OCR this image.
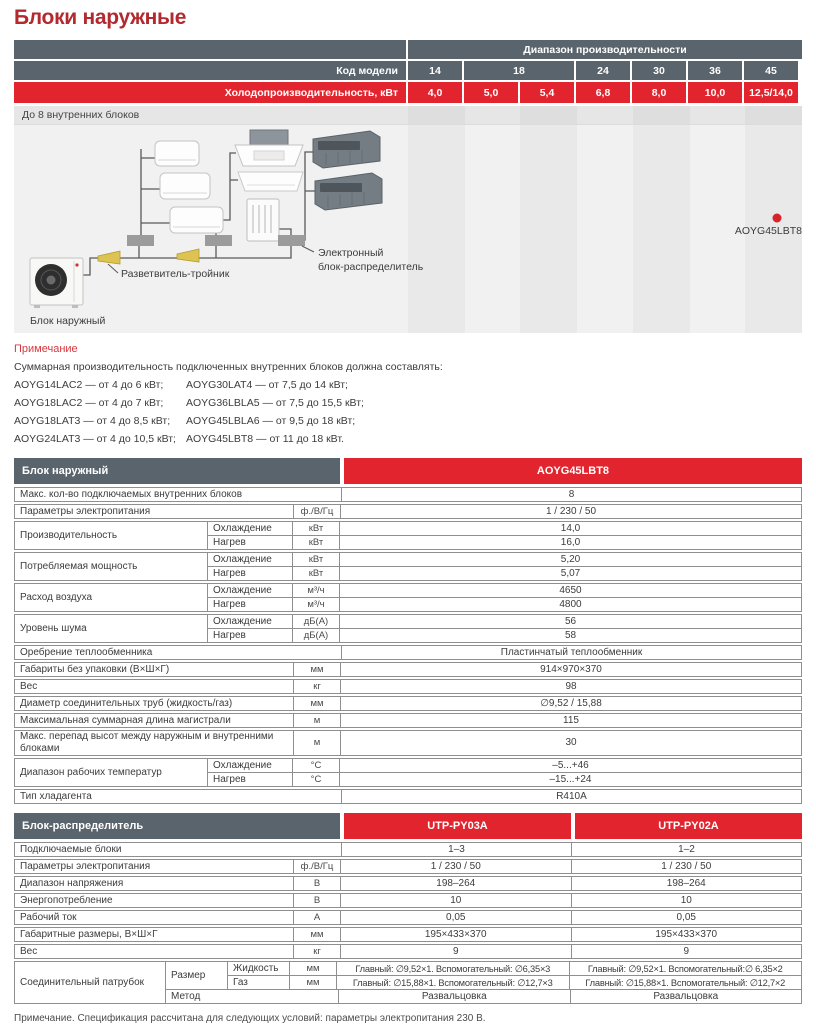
Блоки наружные
Диапазон производительности
Код модели	14	18	24	30	36	45
Холодопроизводительность, кВт	4,0	5,0	5,4	6,8	8,0	10,0	12,5/14,0
До 8 внутренних блоков
Блок наружный
Разветвитель-тройник
Электронный
блок-распределитель
AOYG45LBT8
Примечание
Суммарная производительность подключенных внутренних блоков должна составлять:
AOYG14LAC2 — от 4 до 6 кВт;	AOYG30LAT4 — от 7,5 до 14 кВт;
AOYG18LAC2 — от 4 до 7 кВт;	AOYG36LBLA5 — от 7,5 до 15,5 кВт;
AOYG18LAT3 — от 4 до 8,5 кВт;	AOYG45LBLA6 — от 9,5 до 18 кВт;
AOYG24LAT3 — от 4 до 10,5 кВт; AOYG45LBT8 — от 11 до 18 кВт.
Блок наружный	AOYG45LBT8
Макс. кол-во подключаемых внутренних блоков	8
Параметры электропитания	ф./В/Гц	1 / 230 / 50
Производительность
Охлаждение	кВт	14,0
Нагрев	кВт	16,0
Потребляемая мощность
Охлаждение	кВт	5,20
Нагрев	кВт	5,07
Расход воздуха
Охлаждение	м³/ч	4650
Нагрев	м³/ч	4800
Уровень шума
Охлаждение	дБ(А)	56
Нагрев	дБ(А)	58
Оребрение теплообменника	Пластинчатый теплообменник
Габариты без упаковки (В×Ш×Г)	мм	914×970×370
Вес	кг	98
Диаметр соединительных труб (жидкость/газ)	мм	∅9,52 / 15,88
Максимальная суммарная длина магистрали	м	115
Макс. перепад высот между наружным и внутренними блоками
м	30
Диапазон рабочих температур
Охлаждение	°C	–5...+46
Нагрев	°C	–15...+24
Тип хладагента	R410A
Блок-распределитель	UTP-PY03A	UTP-PY02A
Подключаемые блоки	1–3	1–2
Параметры электропитания	ф./В/Гц	1 / 230 / 50	1 / 230 / 50
Диапазон напряжения	В	198–264	198–264
Энергопотребление	В	10	10
Рабочий ток	А	0,05	0,05
Габаритные размеры, В×Ш×Г	мм	195×433×370	195×433×370
Вес	кг	9	9
Соединительный патрубок
Размер
Жидкость	мм	Главный: ∅9,52×1. Вспомогательный: ∅6,35×3	Главный: ∅9,52×1. Вспомогательный:∅ 6,35×2
Газ	мм	Главный: ∅15,88×1. Вспомогательный: ∅12,7×3	Главный: ∅15,88×1. Вспомогательный: ∅12,7×2
Метод	Развальцовка	Развальцовка
Примечание. Спецификация рассчитана для следующих условий: параметры электропитания 230 В.
